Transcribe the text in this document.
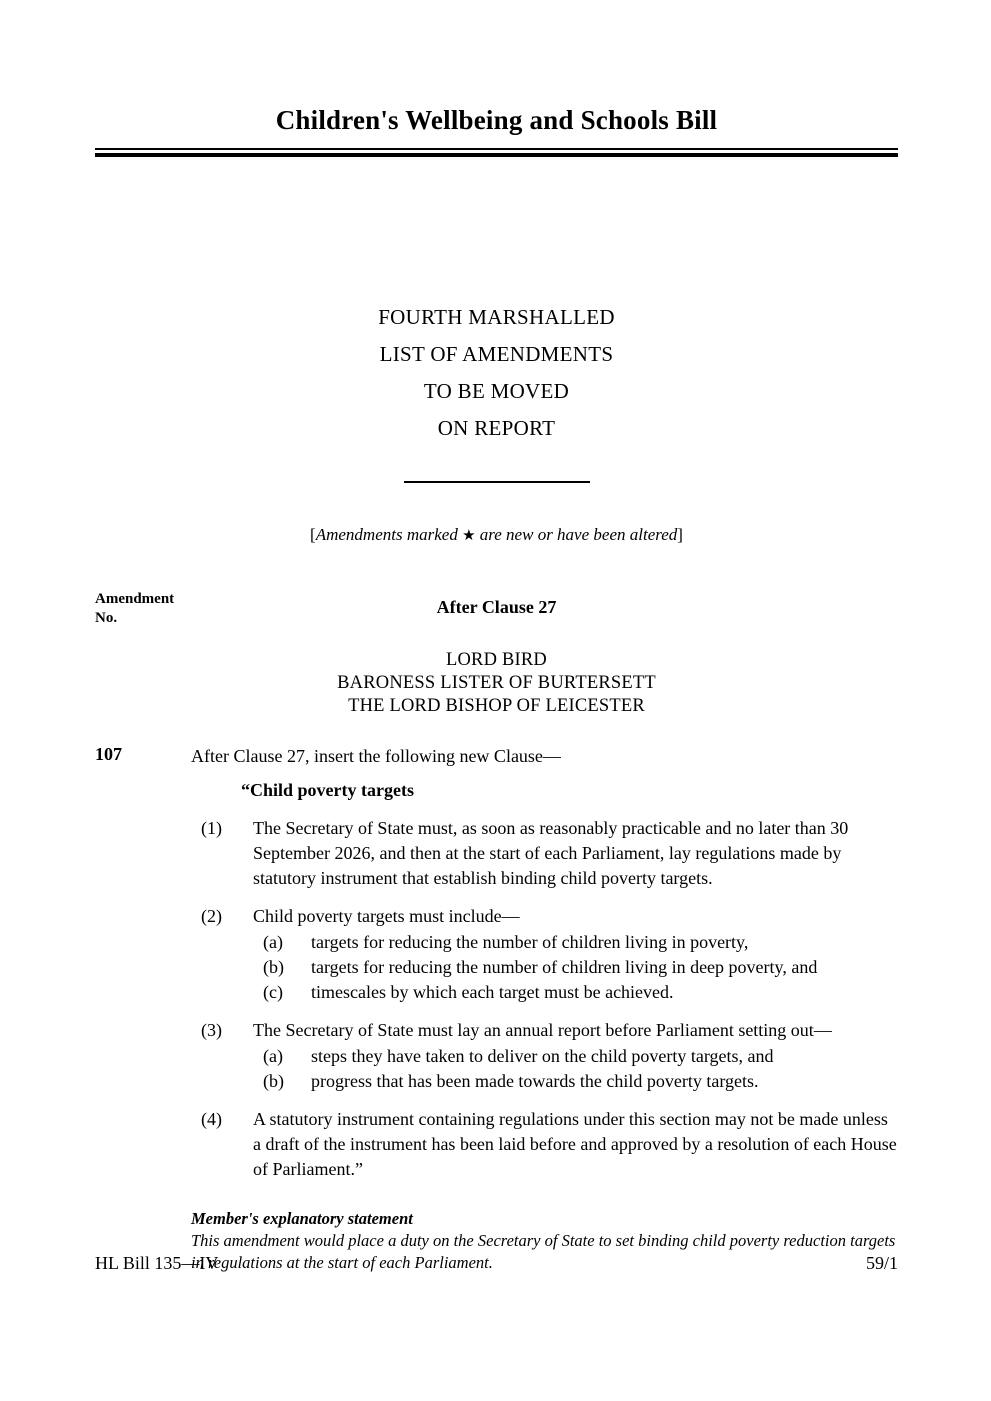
Children's Wellbeing and Schools Bill
FOURTH MARSHALLED
LIST OF AMENDMENTS
TO BE MOVED
ON REPORT
[Amendments marked ★ are new or have been altered]
Amendment
No.
After Clause 27
LORD BIRD
BARONESS LISTER OF BURTERSETT
THE LORD BISHOP OF LEICESTER
107	After Clause 27, insert the following new Clause—
“Child poverty targets
(1)	The Secretary of State must, as soon as reasonably practicable and no later than 30 September 2026, and then at the start of each Parliament, lay regulations made by statutory instrument that establish binding child poverty targets.
(2)	Child poverty targets must include—
(a)	targets for reducing the number of children living in poverty,
(b)	targets for reducing the number of children living in deep poverty, and
(c)	timescales by which each target must be achieved.
(3)	The Secretary of State must lay an annual report before Parliament setting out—
(a)	steps they have taken to deliver on the child poverty targets, and
(b)	progress that has been made towards the child poverty targets.
(4)	A statutory instrument containing regulations under this section may not be made unless a draft of the instrument has been laid before and approved by a resolution of each House of Parliament.”
Member's explanatory statement
This amendment would place a duty on the Secretary of State to set binding child poverty reduction targets in regulations at the start of each Parliament.
HL Bill 135—IV	59/1
